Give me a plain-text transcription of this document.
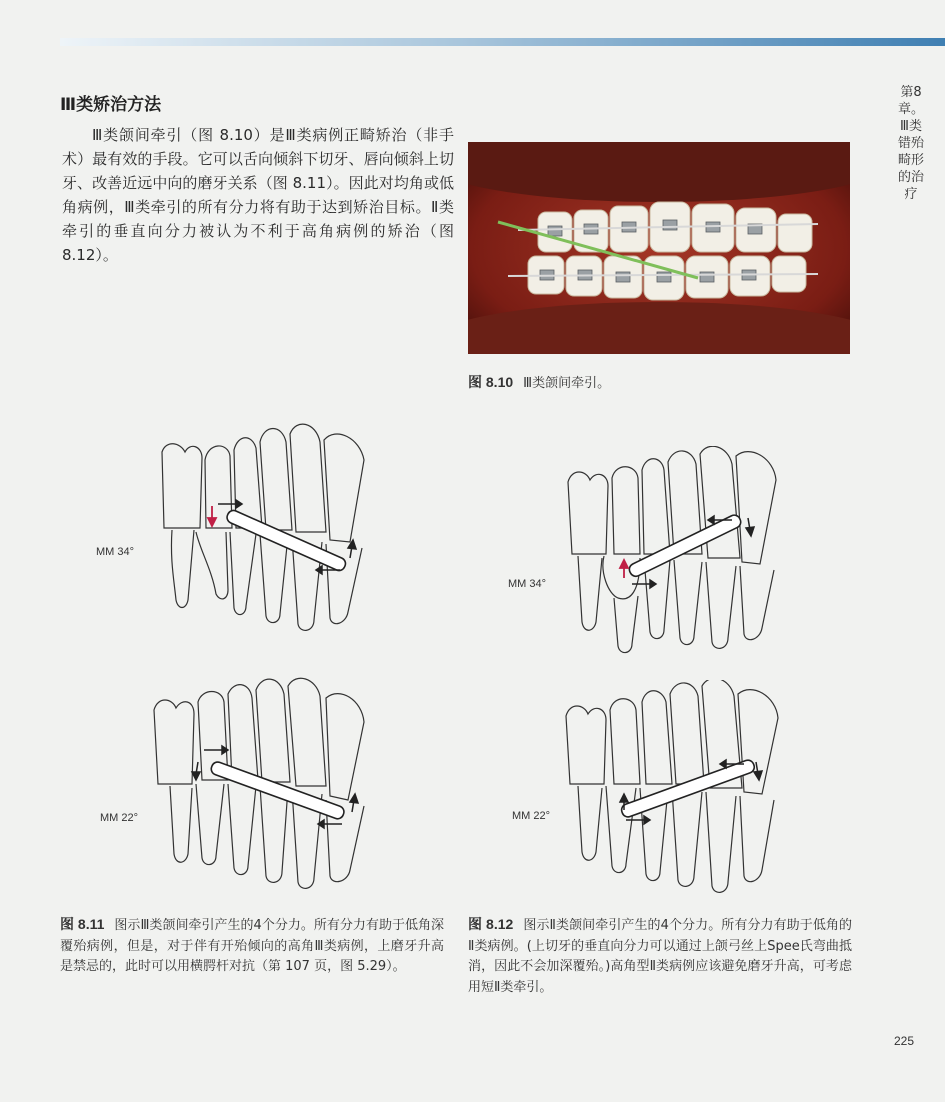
第8章。Ⅲ类错殆畸形的治疗
Ⅲ类矫治方法

Ⅲ类颌间牵引（图 8.10）是Ⅲ类病例正畸矫治（非手术）最有效的手段。它可以舌向倾斜下切牙、唇向倾斜上切牙、改善近远中向的磨牙关系（图 8.11）。因此对均角或低角病例，Ⅲ类牵引的所有分力将有助于达到矫治目标。Ⅱ类牵引的垂直向分力被认为不利于高角病例的矫治（图 8.12）。

图 8.10 Ⅲ类颌间牵引。
MM 34°
MM 22°
MM 34°
MM 22°

图 8.11 图示Ⅲ类颌间牵引产生的4个分力。所有分力有助于低角深覆殆病例，但是，对于伴有开殆倾向的高角Ⅲ类病例，上磨牙升高是禁忌的，此时可以用横腭杆对抗（第 107 页，图 5.29）。

图 8.12 图示Ⅱ类颌间牵引产生的4个分力。所有分力有助于低角的Ⅱ类病例。(上切牙的垂直向分力可以通过上颌弓丝上Spee氏弯曲抵消，因此不会加深覆殆。)高角型Ⅱ类病例应该避免磨牙升高，可考虑用短Ⅱ类牵引。

225
